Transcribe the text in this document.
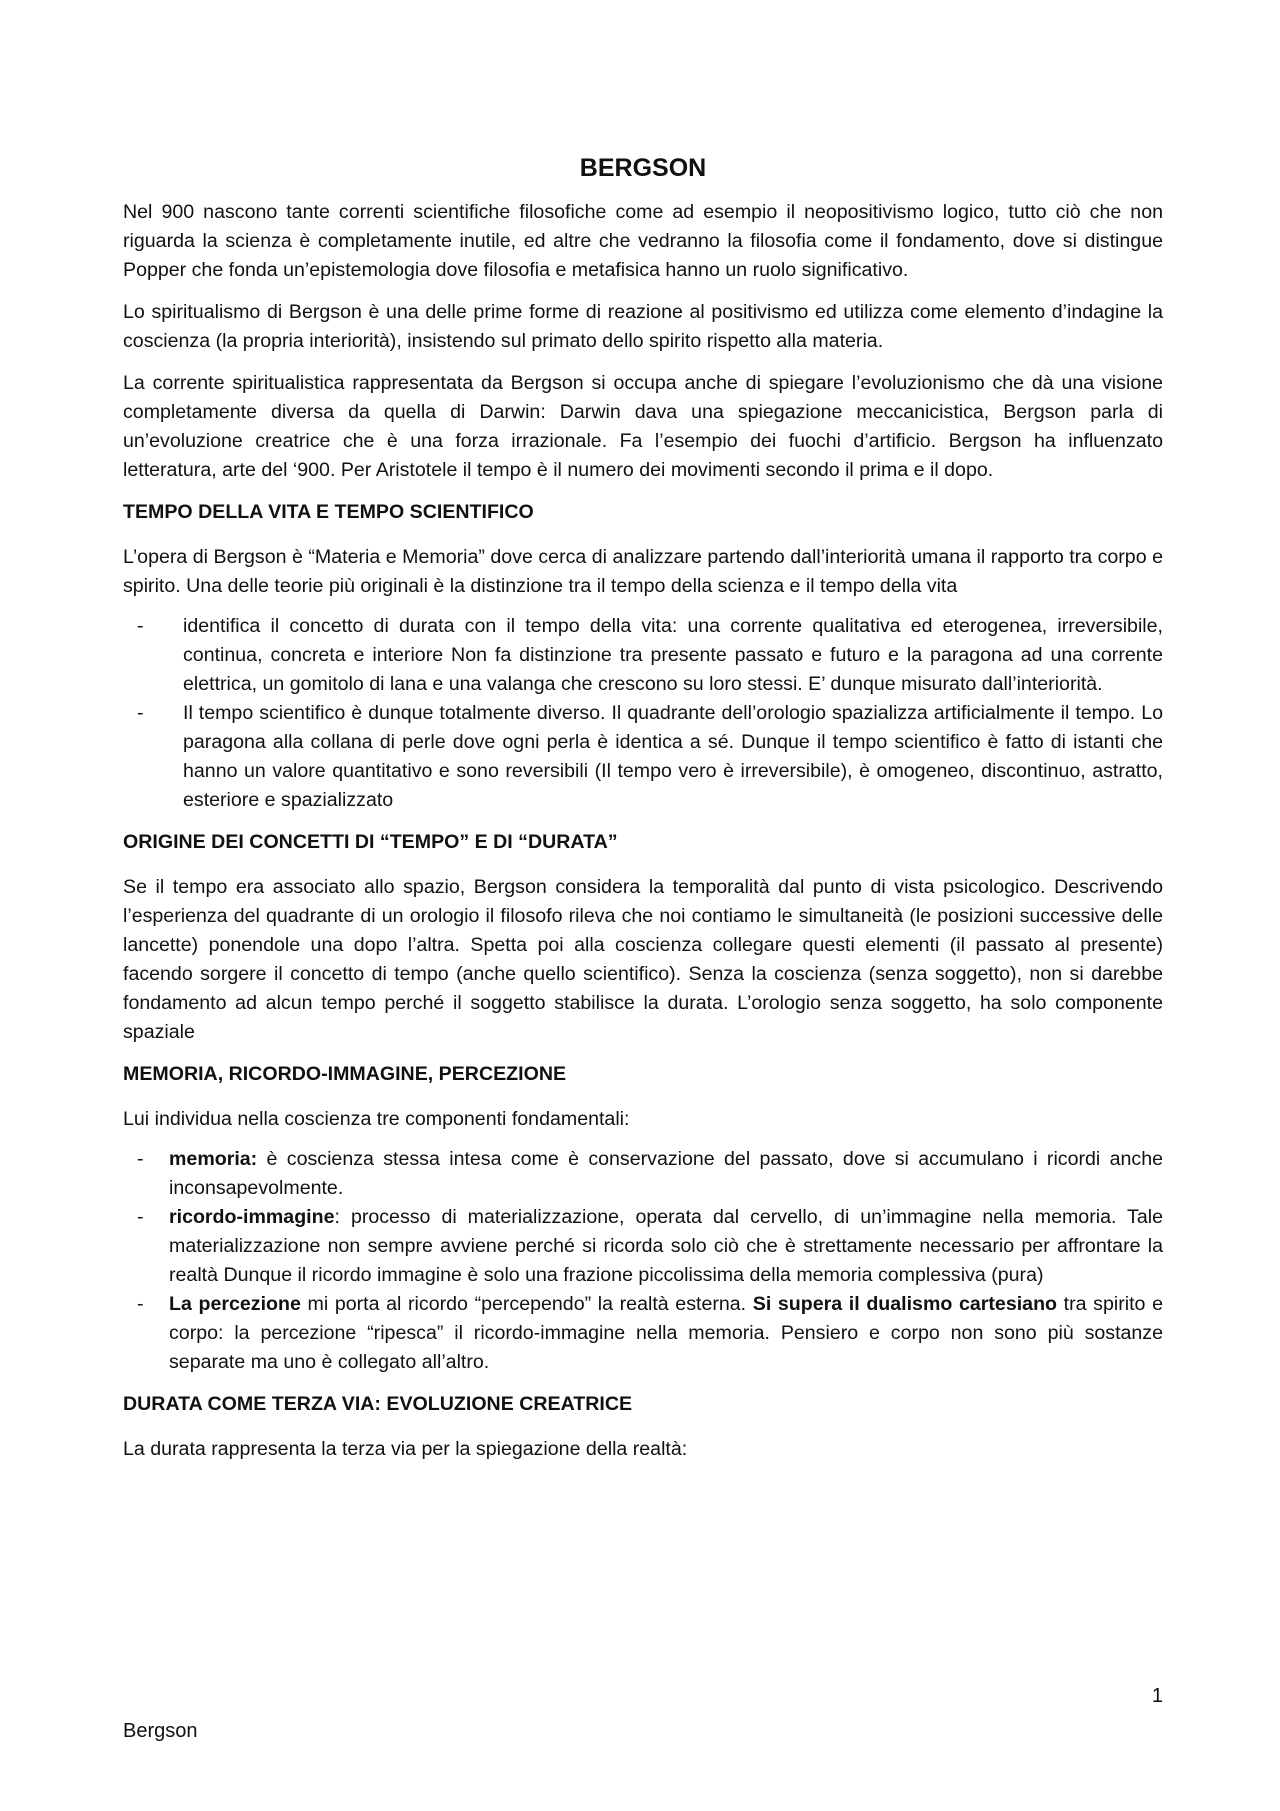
BERGSON

Nel 900 nascono tante correnti scientifiche filosofiche come ad esempio il neopositivismo logico, tutto ciò che non riguarda la scienza è completamente inutile, ed altre che vedranno la filosofia come il fondamento, dove si distingue Popper che fonda un’epistemologia dove filosofia e metafisica hanno un ruolo significativo.

Lo spiritualismo di Bergson è una delle prime forme di reazione al positivismo ed utilizza come elemento d’indagine la coscienza (la propria interiorità), insistendo sul primato dello spirito rispetto alla materia.

La corrente spiritualistica rappresentata da Bergson si occupa anche di spiegare l’evoluzionismo che dà una visione completamente diversa da quella di Darwin: Darwin dava una spiegazione meccanicistica, Bergson parla di un’evoluzione creatrice che è una forza irrazionale. Fa l’esempio dei fuochi d’artificio. Bergson ha influenzato letteratura, arte del ‘900. Per Aristotele il tempo è il numero dei movimenti secondo il prima e il dopo.

TEMPO DELLA VITA E TEMPO SCIENTIFICO

L’opera di Bergson è “Materia e Memoria” dove cerca di analizzare partendo dall’interiorità umana il rapporto tra corpo e spirito. Una delle teorie più originali è la distinzione tra il tempo della scienza e il tempo della vita

- identifica il concetto di durata con il tempo della vita: una corrente qualitativa ed eterogenea, irreversibile, continua, concreta e interiore Non fa distinzione tra presente passato e futuro e la paragona ad una corrente elettrica, un gomitolo di lana e una valanga che crescono su loro stessi. E’ dunque misurato dall’interiorità.
- Il tempo scientifico è dunque totalmente diverso. Il quadrante dell’orologio spazializza artificialmente il tempo. Lo paragona alla collana di perle dove ogni perla è identica a sé. Dunque il tempo scientifico è fatto di istanti che hanno un valore quantitativo e sono reversibili (Il tempo vero è irreversibile), è omogeneo, discontinuo, astratto, esteriore e spazializzato
ORIGINE DEI CONCETTI DI “TEMPO” E DI “DURATA”

Se il tempo era associato allo spazio, Bergson considera la temporalità dal punto di vista psicologico. Descrivendo l’esperienza del quadrante di un orologio il filosofo rileva che noi contiamo le simultaneità (le posizioni successive delle lancette) ponendole una dopo l’altra. Spetta poi alla coscienza collegare questi elementi (il passato al presente) facendo sorgere il concetto di tempo (anche quello scientifico). Senza la coscienza (senza soggetto), non si darebbe fondamento ad alcun tempo perché il soggetto stabilisce la durata. L’orologio senza soggetto, ha solo componente spaziale

MEMORIA, RICORDO-IMMAGINE, PERCEZIONE

Lui individua nella coscienza tre componenti fondamentali:

- memoria: è coscienza stessa intesa come è conservazione del passato, dove si accumulano i ricordi anche inconsapevolmente.
- ricordo-immagine: processo di materializzazione, operata dal cervello, di un’immagine nella memoria. Tale materializzazione non sempre avviene perché si ricorda solo ciò che è strettamente necessario per affrontare la realtà Dunque il ricordo immagine è solo una frazione piccolissima della memoria complessiva (pura)
- La percezione mi porta al ricordo “percependo” la realtà esterna. Si supera il dualismo cartesiano tra spirito e corpo: la percezione “ripesca” il ricordo-immagine nella memoria. Pensiero e corpo non sono più sostanze separate ma uno è collegato all’altro.
DURATA COME TERZA VIA: EVOLUZIONE CREATRICE

La durata rappresenta la terza via per la spiegazione della realtà:

1
Bergson
